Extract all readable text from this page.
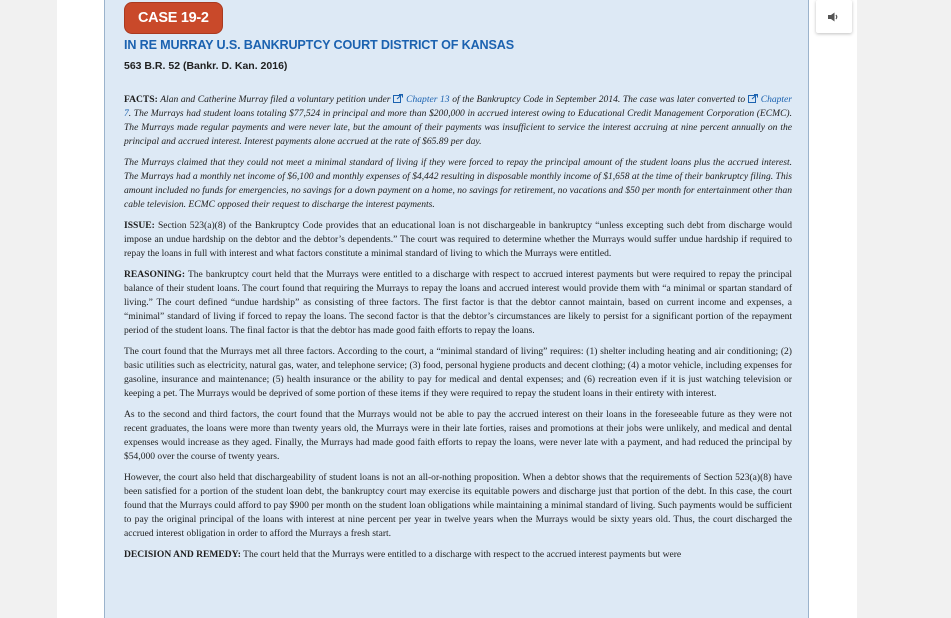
CASE 19-2
IN RE MURRAY U.S. BANKRUPTCY COURT DISTRICT OF KANSAS
563 B.R. 52 (Bankr. D. Kan. 2016)

FACTS: Alan and Catherine Murray filed a voluntary petition under Chapter 13 of the Bankruptcy Code in September 2014. The case was later converted to Chapter 7. The Murrays had student loans totaling $77,524 in principal and more than $200,000 in accrued interest owing to Educational Credit Management Corporation (ECMC). The Murrays made regular payments and were never late, but the amount of their payments was insufficient to service the interest accruing at nine percent annually on the principal and accrued interest. Interest payments alone accrued at the rate of $65.89 per day.

The Murrays claimed that they could not meet a minimal standard of living if they were forced to repay the principal amount of the student loans plus the accrued interest. The Murrays had a monthly net income of $6,100 and monthly expenses of $4,442 resulting in disposable monthly income of $1,658 at the time of their bankruptcy filing. This amount included no funds for emergencies, no savings for a down payment on a home, no savings for retirement, no vacations and $50 per month for entertainment other than cable television. ECMC opposed their request to discharge the interest payments.

ISSUE: Section 523(a)(8) of the Bankruptcy Code provides that an educational loan is not dischargeable in bankruptcy “unless excepting such debt from discharge would impose an undue hardship on the debtor and the debtor’s dependents.” The court was required to determine whether the Murrays would suffer undue hardship if required to repay the loans in full with interest and what factors constitute a minimal standard of living to which the Murrays were entitled.

REASONING: The bankruptcy court held that the Murrays were entitled to a discharge with respect to accrued interest payments but were required to repay the principal balance of their student loans. The court found that requiring the Murrays to repay the loans and accrued interest would provide them with “a minimal or spartan standard of living.” The court defined “undue hardship” as consisting of three factors. The first factor is that the debtor cannot maintain, based on current income and expenses, a “minimal” standard of living if forced to repay the loans. The second factor is that the debtor’s circumstances are likely to persist for a significant portion of the repayment period of the student loans. The final factor is that the debtor has made good faith efforts to repay the loans.

The court found that the Murrays met all three factors. According to the court, a “minimal standard of living” requires: (1) shelter including heating and air conditioning; (2) basic utilities such as electricity, natural gas, water, and telephone service; (3) food, personal hygiene products and decent clothing; (4) a motor vehicle, including expenses for gasoline, insurance and maintenance; (5) health insurance or the ability to pay for medical and dental expenses; and (6) recreation even if it is just watching television or keeping a pet. The Murrays would be deprived of some portion of these items if they were required to repay the student loans in their entirety with interest.

As to the second and third factors, the court found that the Murrays would not be able to pay the accrued interest on their loans in the foreseeable future as they were not recent graduates, the loans were more than twenty years old, the Murrays were in their late forties, raises and promotions at their jobs were unlikely, and medical and dental expenses would increase as they aged. Finally, the Murrays had made good faith efforts to repay the loans, were never late with a payment, and had reduced the principal by $54,000 over the course of twenty years.

However, the court also held that dischargeability of student loans is not an all-or-nothing proposition. When a debtor shows that the requirements of Section 523(a)(8) have been satisfied for a portion of the student loan debt, the bankruptcy court may exercise its equitable powers and discharge just that portion of the debt. In this case, the court found that the Murrays could afford to pay $900 per month on the student loan obligations while maintaining a minimal standard of living. Such payments would be sufficient to pay the original principal of the loans with interest at nine percent per year in twelve years when the Murrays would be sixty years old. Thus, the court discharged the accrued interest obligation in order to afford the Murrays a fresh start.

DECISION AND REMEDY: The court held that the Murrays were entitled to a discharge with respect to the accrued interest payments but were
